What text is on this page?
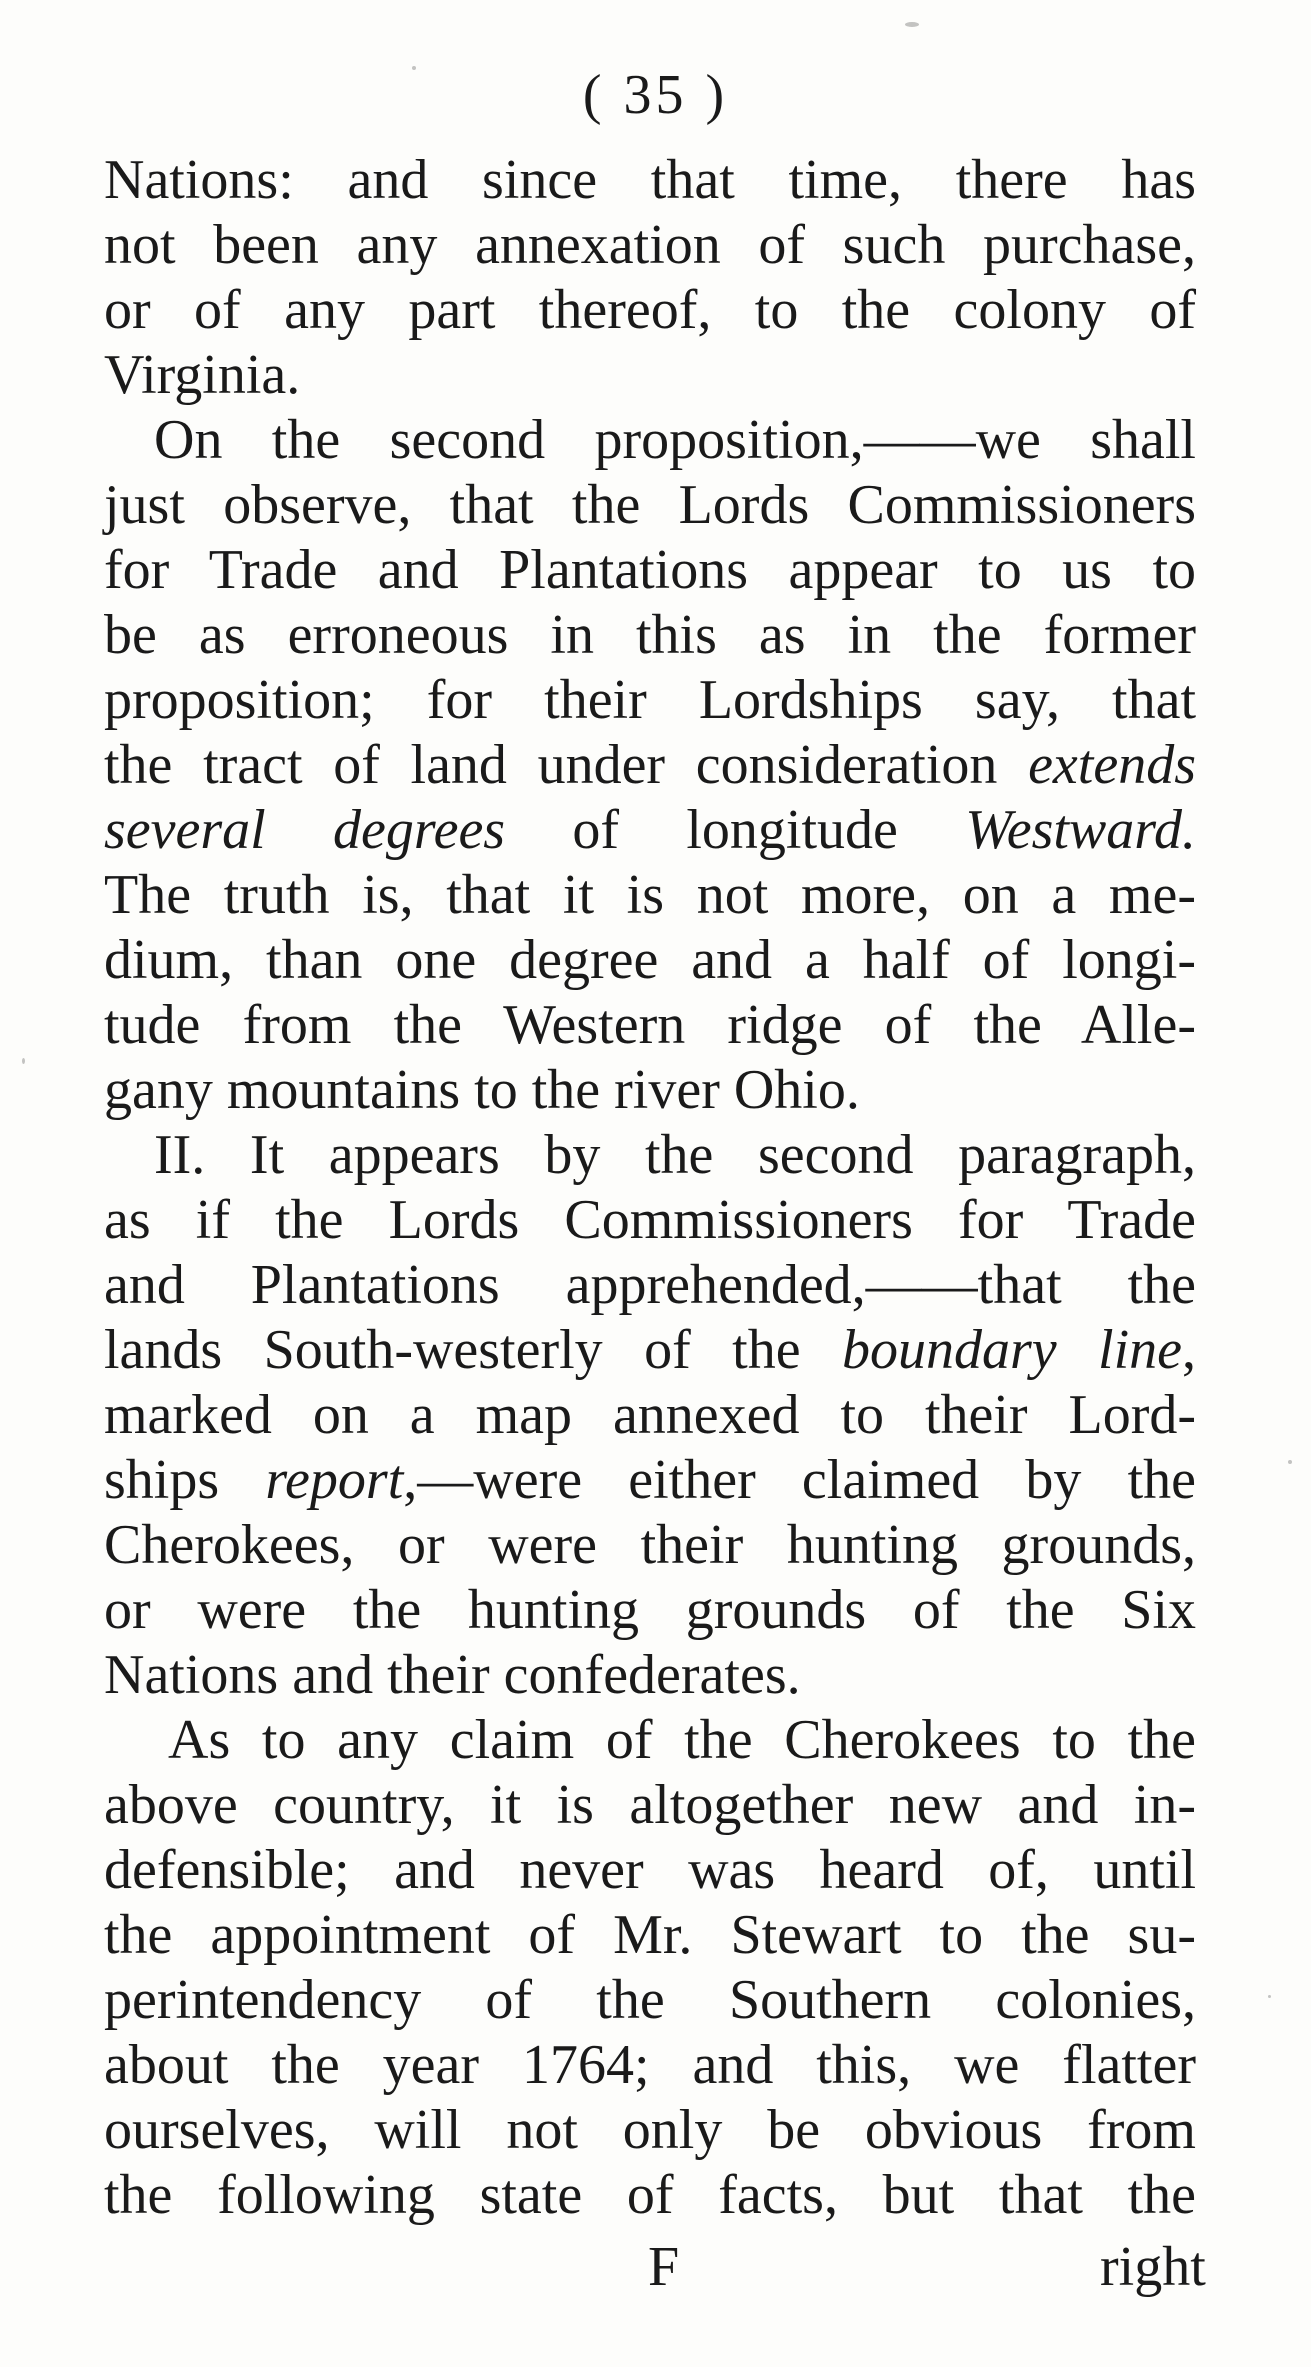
( 35 )
Nations: and since that time, there has
not been any annexation of such purchase,
or of any part thereof, to the colony of
Virginia.
On the second proposition,——we shall
just observe, that the Lords Commissioners
for Trade and Plantations appear to us to
be as erroneous in this as in the former
proposition; for their Lordships say, that
the tract of land under consideration extends
several degrees of longitude Westward.
The truth is, that it is not more, on a me-
dium, than one degree and a half of longi-
tude from the Western ridge of the Alle-
gany mountains to the river Ohio.
II. It appears by the second paragraph,
as if the Lords Commissioners for Trade
and Plantations apprehended,——that the
lands South-westerly of the boundary line,
marked on a map annexed to their Lord-
ships report,—were either claimed by the
Cherokees, or were their hunting grounds,
or were the hunting grounds of the Six
Nations and their confederates.
As to any claim of the Cherokees to the
above country, it is altogether new and in-
defensible; and never was heard of, until
the appointment of Mr. Stewart to the su-
perintendency of the Southern colonies,
about the year 1764; and this, we flatter
ourselves, will not only be obvious from
the following state of facts, but that the
F	right
